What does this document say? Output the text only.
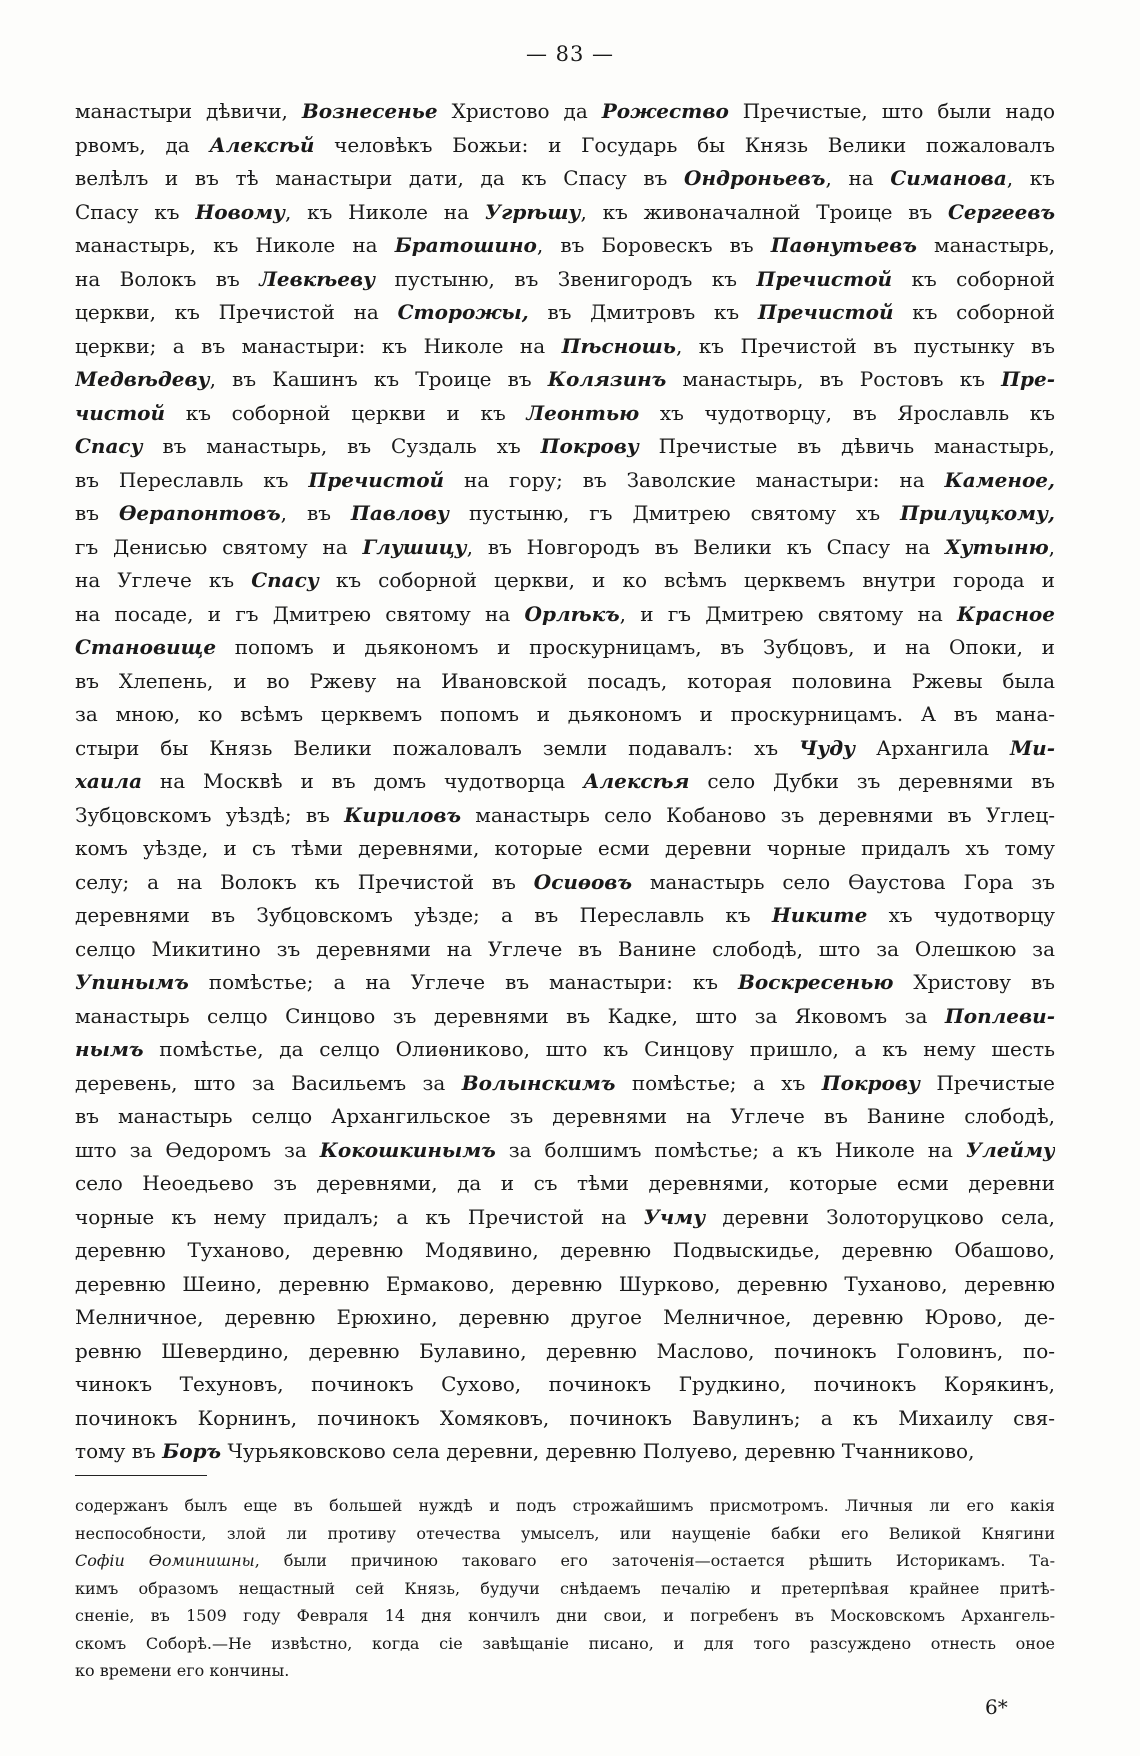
— 83 —
манастыри дѣвичи, Вознесенье Христово да Рожество Пречистые, што были надо
рвомъ, да Алексѣй человѣкъ Божьи: и Государь бы Князь Велики пожаловалъ
велѣлъ и въ тѣ манастыри дати, да къ Спасу въ Ондроньевъ, на Симанова, къ
Спасу къ Новому, къ Николе на Угрѣшу, къ живоначалной Троице въ Сергеевъ
манастырь, къ Николе на Братошино, въ Боровескъ въ Паѳнутьевъ манастырь,
на Волокъ въ Левкѣеву пустыню, въ Звенигородъ къ Пречистой къ соборной
церкви, къ Пречистой на Сторожы, въ Дмитровъ къ Пречистой къ соборной
церкви; а въ манастыри: къ Николе на Пѣсношь, къ Пречистой въ пустынку въ
Медвѣдеву, въ Кашинъ къ Троице въ Колязинъ манастырь, въ Ростовъ къ Пре-
чистой къ соборной церкви и къ Леонтью хъ чудотворцу, въ Ярославль къ
Спасу въ манастырь, въ Суздаль хъ Покрову Пречистые въ дѣвичь манастырь,
въ Переславль къ Пречистой на гору; въ Заволские манастыри: на Каменое,
въ Ѳерапонтовъ, въ Павлову пустыню, гъ Дмитрею святому хъ Прилуцкому,
гъ Денисью святому на Глушицу, въ Новгородъ въ Велики къ Спасу на Хутыню,
на Углече къ Спасу къ соборной церкви, и ко всѣмъ церквемъ внутри города и
на посаде, и гъ Дмитрею святому на Орлѣкъ, и гъ Дмитрею святому на Красное
Становище попомъ и дьякономъ и проскурницамъ, въ Зубцовъ, и на Опоки, и
въ Хлепень, и во Ржеву на Ивановской посадъ, которая половина Ржевы была
за мною, ко всѣмъ церквемъ попомъ и дьякономъ и проскурницамъ. А въ мана-
стыри бы Князь Велики пожаловалъ земли подавалъ: хъ Чуду Архангила Ми-
хаила на Москвѣ и въ домъ чудотворца Алексѣя село Дубки зъ деревнями въ
Зубцовскомъ уѣздѣ; въ Кириловъ манастырь село Кобаново зъ деревнями въ Углец-
комъ уѣзде, и съ тѣми деревнями, которые есми деревни чорные придалъ хъ тому
селу; а на Волокъ къ Пречистой въ Осиѳовъ манастырь село Ѳаустова Гора зъ
деревнями въ Зубцовскомъ уѣзде; а въ Переславль къ Никите хъ чудотворцу
селцо Микитино зъ деревнями на Углече въ Ванине слободѣ, што за Олешкою за
Упинымъ помѣстье; а на Углече въ манастыри: къ Воскресенью Христову въ
манастырь селцо Синцово зъ деревнями въ Кадке, што за Яковомъ за Поплеви-
нымъ помѣстье, да селцо Олиѳниково, што къ Синцову пришло, а къ нему шесть
деревень, што за Васильемъ за Волынскимъ помѣстье; а хъ Покрову Пречистые
въ манастырь селцо Архангильское зъ деревнями на Углече въ Ванине слободѣ,
што за Ѳедоромъ за Кокошкинымъ за болшимъ помѣстье; а къ Николе на Улейму
село Неоедьево зъ деревнями, да и съ тѣми деревнями, которые есми деревни
чорные къ нему придалъ; а къ Пречистой на Учму деревни Золоторуцково села,
деревню Туханово, деревню Модявино, деревню Подвыскидье, деревню Обашово,
деревню Шеино, деревню Ермаково, деревню Шурково, деревню Туханово, деревню
Мелничное, деревню Ерюхино, деревню другое Мелничное, деревню Юрово, де-
ревню Шевердино, деревню Булавино, деревню Маслово, починокъ Головинъ, по-
чинокъ Техуновъ, починокъ Сухово, починокъ Грудкино, починокъ Корякинъ,
починокъ Корнинъ, починокъ Хомяковъ, починокъ Вавулинъ; а къ Михаилу свя-
тому въ Боръ Чурьяковсково села деревни, деревню Полуево, деревню Тчанниково,
содержанъ былъ еще въ большей нуждѣ и подъ строжайшимъ присмотромъ. Личныя ли его какія
неспособности, злой ли противу отечества умыселъ, или наущеніе бабки его Великой Княгини
Софіи Ѳоминишны, были причиною таковаго его заточенія—остается рѣшить Историкамъ. Та-
кимъ образомъ нещастный сей Князь, будучи снѣдаемъ печалію и претерпѣвая крайнее притѣ-
сненіе, въ 1509 году Февраля 14 дня кончилъ дни свои, и погребенъ въ Московскомъ Архангель-
скомъ Соборѣ.—Не извѣстно, когда сіе завѣщаніе писано, и для того разсуждено отнесть оное
ко времени его кончины.
6*
